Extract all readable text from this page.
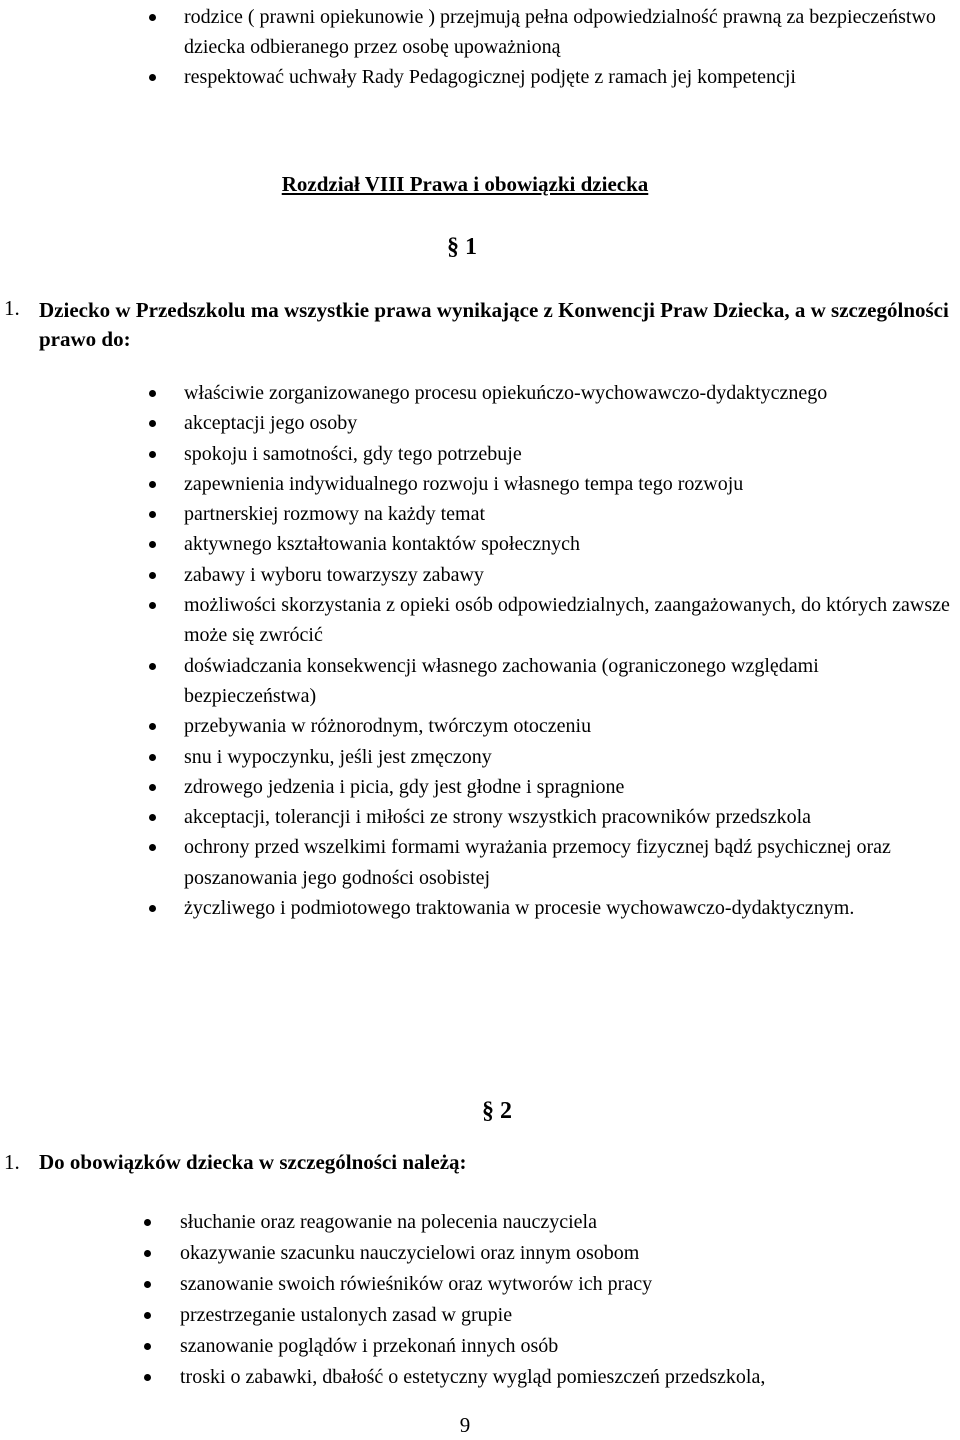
rodzice ( prawni opiekunowie ) przejmują pełna odpowiedzialność prawną za bezpieczeństwo dziecka odbieranego przez osobę upoważnioną
respektować uchwały Rady Pedagogicznej podjęte z ramach jej kompetencji
Rozdział VIII Prawa i obowiązki dziecka
§ 1
1. Dziecko w Przedszkolu ma wszystkie prawa wynikające z Konwencji Praw Dziecka, a w szczególności prawo do:
właściwie zorganizowanego procesu opiekuńczo-wychowawczo-dydaktycznego
akceptacji jego osoby
spokoju i samotności, gdy tego potrzebuje
zapewnienia indywidualnego rozwoju i własnego tempa tego rozwoju
partnerskiej rozmowy na każdy temat
aktywnego kształtowania kontaktów społecznych
zabawy i wyboru towarzyszy zabawy
możliwości skorzystania z opieki osób odpowiedzialnych, zaangażowanych, do których zawsze może się zwrócić
doświadczania konsekwencji własnego zachowania (ograniczonego względami bezpieczeństwa)
przebywania w różnorodnym, twórczym otoczeniu
snu i wypoczynku, jeśli jest zmęczony
zdrowego jedzenia i picia, gdy jest głodne i spragnione
akceptacji, tolerancji i miłości ze strony wszystkich pracowników przedszkola
ochrony przed wszelkimi formami wyrażania przemocy fizycznej bądź psychicznej oraz poszanowania jego godności osobistej
życzliwego i podmiotowego traktowania w procesie wychowawczo-dydaktycznym.
§ 2
1. Do obowiązków dziecka w szczególności należą:
słuchanie oraz reagowanie na polecenia nauczyciela
okazywanie szacunku nauczycielowi oraz innym osobom
szanowanie swoich rówieśników oraz wytworów ich pracy
przestrzeganie ustalonych zasad w grupie
szanowanie poglądów i przekonań innych osób
troski o zabawki, dbałość o estetyczny wygląd pomieszczeń przedszkola,
9
